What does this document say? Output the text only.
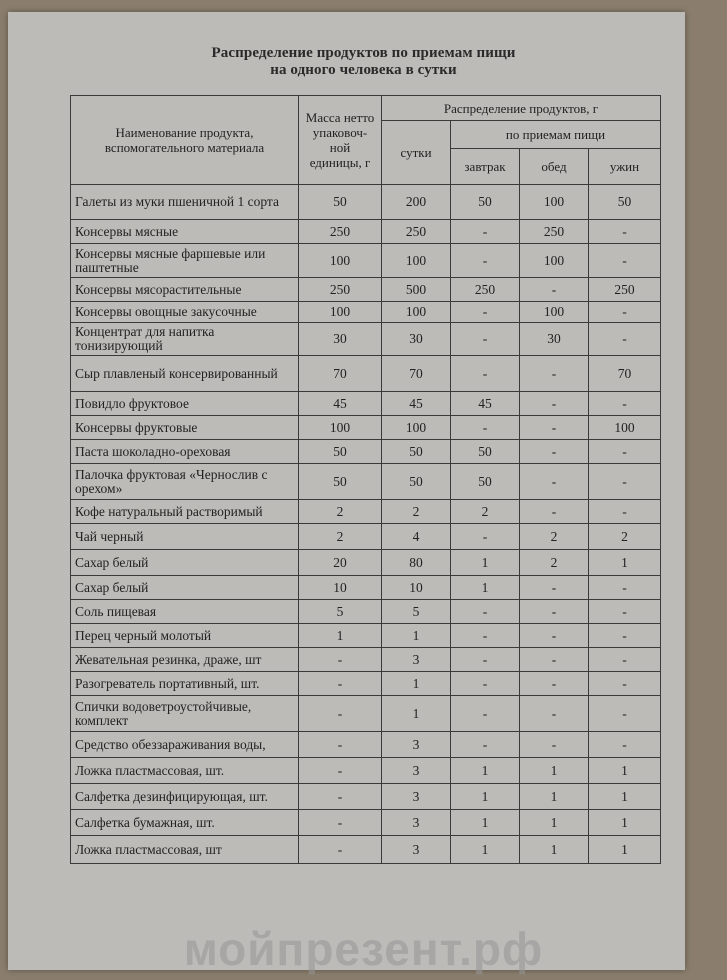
Распределение продуктов по приемам пищи
на одного человека в сутки
Наименование продукта, вспомогательного материала	Масса нетто упаковоч-ной единицы, г	Распределение продуктов, г			
		сутки	по приемам пищи		
			завтрак	обед	ужин
Галеты из муки пшеничной 1 сорта	50	200	50	100	50
Консервы мясные	250	250	-	250	-
Консервы мясные фаршевые или паштетные	100	100	-	100	-
Консервы мясорастительные	250	500	250	-	250
Консервы овощные закусочные	100	100	-	100	-
Концентрат для напитка тонизирующий	30	30	-	30	-
Сыр плавленый консервированный	70	70	-	-	70
Повидло фруктовое	45	45	45	-	-
Консервы фруктовые	100	100	-	-	100
Паста шоколадно-ореховая	50	50	50	-	-
Палочка фруктовая «Чернослив с орехом»	50	50	50	-	-
Кофе натуральный растворимый	2	2	2	-	-
Чай черный	2	4	-	2	2
Сахар белый	20	80	1	2	1
Сахар белый	10	10	1	-	-
Соль пищевая	5	5	-	-	-
Перец черный молотый	1	1	-	-	-
Жевательная резинка, драже, шт	-	3	-	-	-
Разогреватель портативный, шт.	-	1	-	-	-
Спички водоветроустойчивые, комплект	-	1	-	-	-
Средство обеззараживания воды,	-	3	-	-	-
Ложка пластмассовая, шт.	-	3	1	1	1
Салфетка дезинфицирующая, шт.	-	3	1	1	1
Салфетка бумажная, шт.	-	3	1	1	1
Ложка пластмассовая, шт	-	3	1	1	1
мойпрезент.рф
